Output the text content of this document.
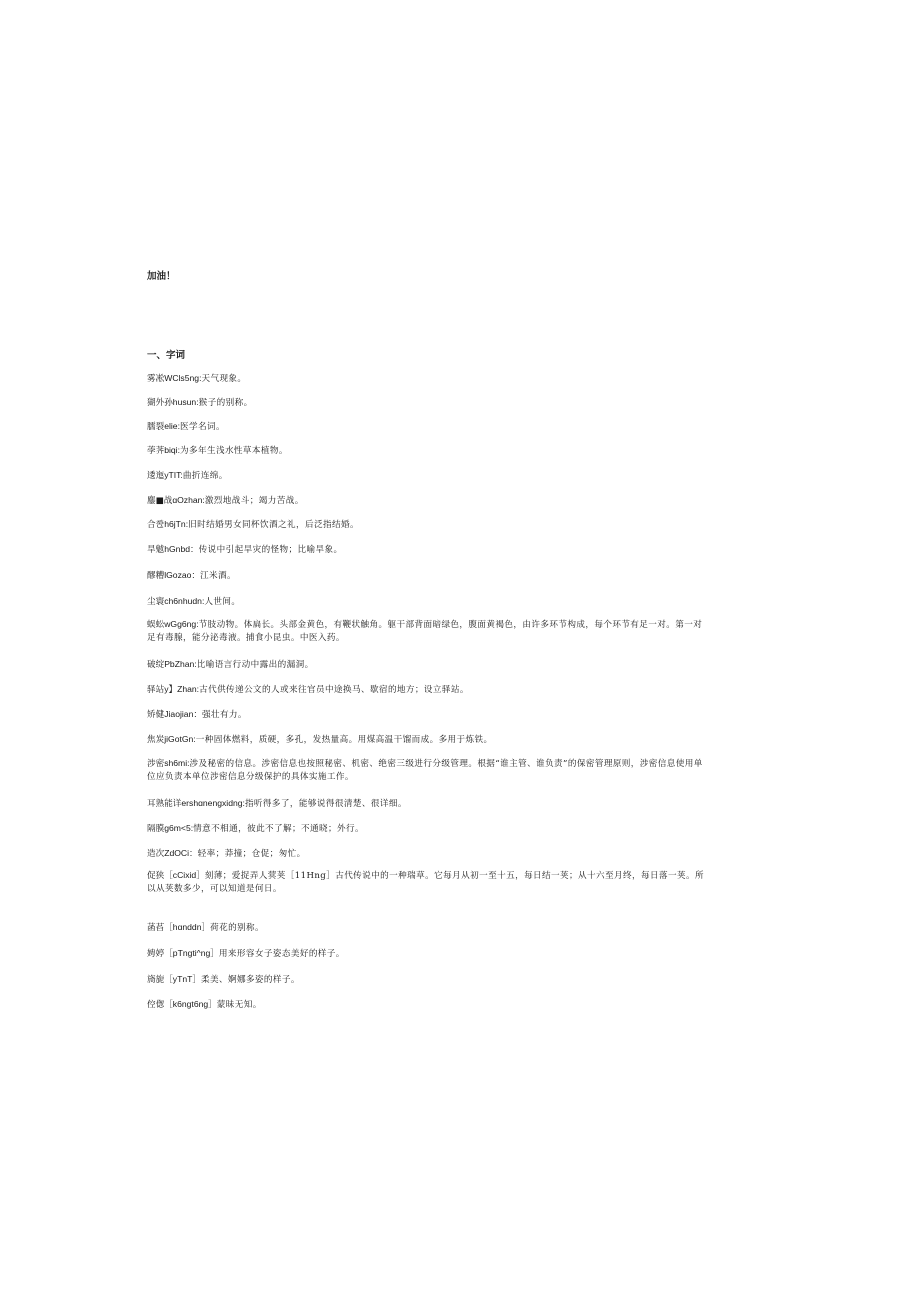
加油！
一、字词
雾凇WCls5ng:天气现象。
猢外孙husun:猴子的别称。
臑裂elie:医学名词。
荸荠biqi:为多年生浅水性草本植物。
逶迤yTIT:曲折连绵。
鏖■战ɑOzhan:激烈地战斗；竭力苦战。
合卺h6jTn:旧时结婚男女同杯饮酒之礼，后泛指结婚。
旱魃hGnbd：传说中引起旱灾的怪物；比喻旱象。
醪糟lGozao：江米酒。
尘寰ch6nhudn:人世间。
蜈蚣wGg6ng:节肢动物。体扁长。头部金黄色，有鞭状触角。躯干部背面暗绿色，腹面黄褐色，由许多环节构成，每个环节有足一对。第一对足有毒腺，能分泌毒液。捕食小昆虫。中医入药。
破绽PbZhan:比喻语言行动中露出的漏洞。
驿站y】Zhan:古代供传递公文的人或来往官员中途换马、歇宿的地方；设立驿站。
矫健Jiaojian：强壮有力。
焦炭jiGotGn:一种固体燃料，质硬，多孔，发热量高。用煤高温干馏而成。多用于炼铁。
涉密sh6mi:涉及秘密的信息。涉密信息也按照秘密、机密、绝密三级进行分级管理。根据“谁主管、谁负责”的保密管理原则，涉密信息使用单位应负责本单位涉密信息分级保护的具体实施工作。
耳熟能详ershɑnengxidng:指听得多了，能够说得很清楚、很详细。
隔膜g6m<5:情意不相通，彼此不了解；不通晓；外行。
造次ZdOCi：轻率；莽撞；仓促；匆忙。
促狭［cCixid］刻薄；爱捉弄人蓂荚［11Hng］古代传说中的一种瑞草。它每月从初一至十五，每日结一荚；从十六至月终，每日落一荚。所以从荚数多少，可以知道是何日。
菡萏［hɑnddn］荷花的别称。
娉婷［pTngti^ng］用来形容女子姿态美好的样子。
旖旎［yTnT］柔美、婀娜多姿的样子。
倥偬［k6ngt6ng］蒙昧无知。
